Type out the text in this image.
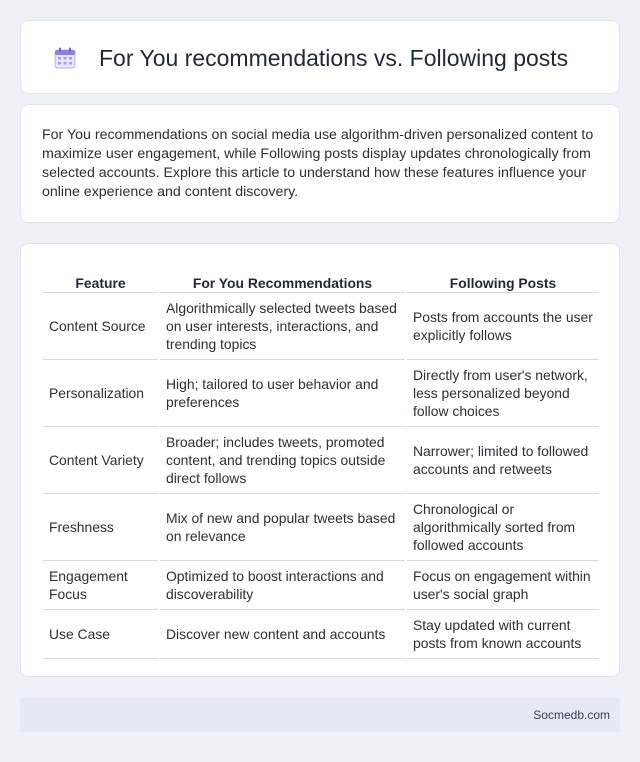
For You recommendations vs. Following posts

For You recommendations on social media use algorithm-driven personalized content to maximize user engagement, while Following posts display updates chronologically from selected accounts. Explore this article to understand how these features influence your online experience and content discovery.

Feature	For You Recommendations	Following Posts
Content Source	Algorithmically selected tweets based on user interests, interactions, and trending topics	Posts from accounts the user explicitly follows
Personalization	High; tailored to user behavior and preferences	Directly from user's network, less personalized beyond follow choices
Content Variety	Broader; includes tweets, promoted content, and trending topics outside direct follows	Narrower; limited to followed accounts and retweets
Freshness	Mix of new and popular tweets based on relevance	Chronological or algorithmically sorted from followed accounts
Engagement Focus	Optimized to boost interactions and discoverability	Focus on engagement within user's social graph
Use Case	Discover new content and accounts	Stay updated with current posts from known accounts
Socmedb.com
